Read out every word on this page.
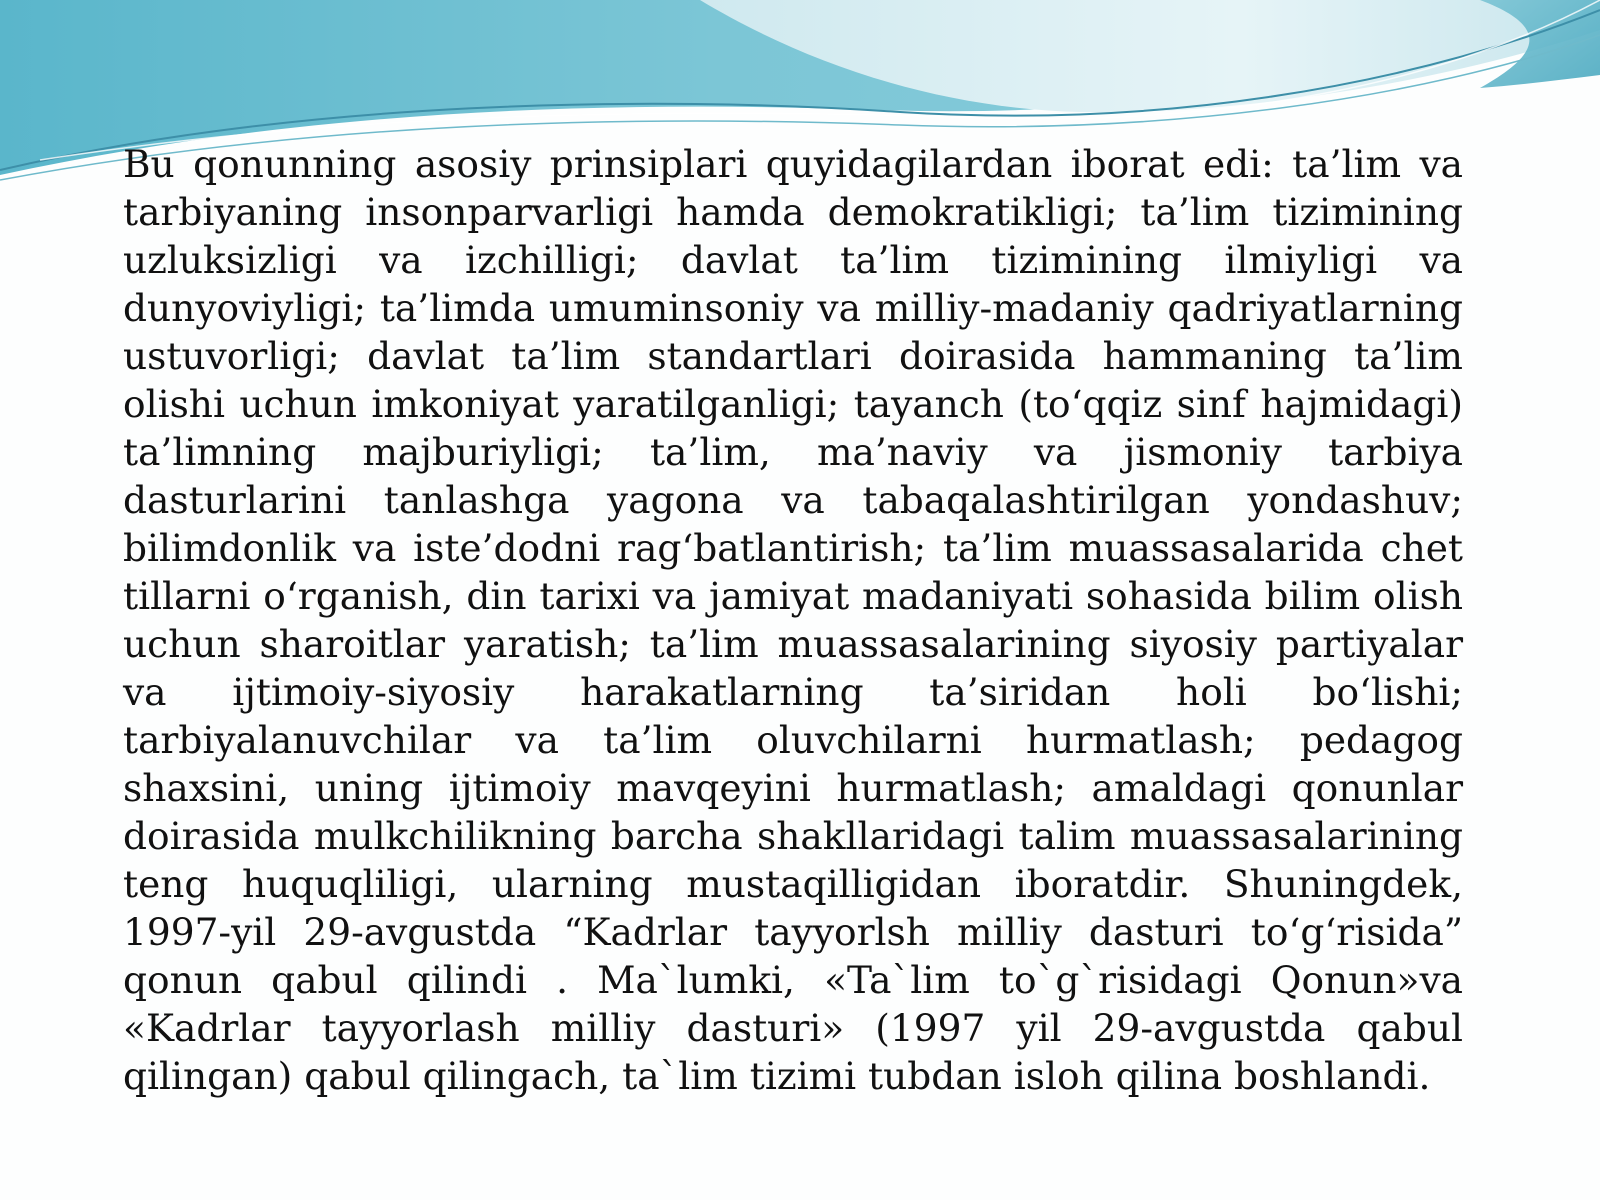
Bu qonunning asosiy prinsiplari quyidagilardan iborat edi: ta’lim va tarbiyaning insonparvarligi hamda demokratikligi; ta’lim tizimining uzluksizligi va izchilligi; davlat ta’lim tizimining ilmiyligi va dunyoviyligi; ta’limda umuminsoniy va milliy-madaniy qadriyatlarning ustuvorligi; davlat ta’lim standartlari doirasida hammaning ta’lim olishi uchun imkoniyat yaratilganligi; tayanch (to‘qqiz sinf hajmidagi) ta’limning majburiyligi; ta’lim, ma’naviy va jismoniy tarbiya dasturlarini tanlashga yagona va tabaqalashtirilgan yondashuv; bilimdonlik va iste’dodni rag‘batlantirish; ta’lim muassasalarida chet tillarni o‘rganish, din tarixi va jamiyat madaniyati sohasida bilim olish uchun sharoitlar yaratish; ta’lim muassasalarining siyosiy partiyalar va ijtimoiy-siyosiy harakatlarning ta’siridan holi bo‘lishi; tarbiyalanuvchilar va ta’lim oluvchilarni hurmatlash; pedagog shaxsini, uning ijtimoiy mavqeyini hurmatlash; amaldagi qonunlar doirasida mulkchilikning barcha shakllaridagi talim muassasalarining teng huquqliligi, ularning mustaqilligidan iboratdir. Shuningdek, 1997-yil 29-avgustda “Kadrlar tayyorlsh milliy dasturi to‘g‘risida” qonun qabul qilindi . Ma`lumki, «Ta`lim to`g`risidagi Qonun»va «Kadrlar tayyorlash milliy dasturi» (1997 yil 29-avgustda qabul qilingan) qabul qilingach, ta`lim tizimi tubdan isloh qilina boshlandi.
